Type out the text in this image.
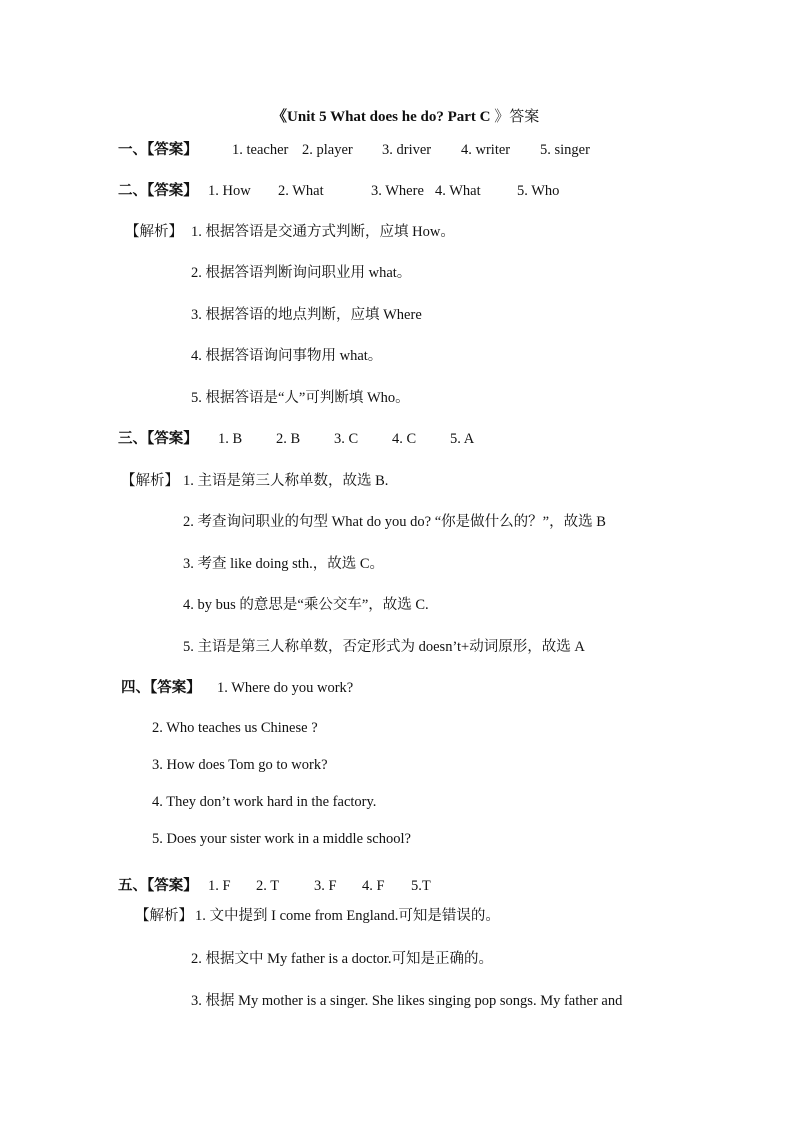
《Unit 5 What does he do? Part C 》答案
一、【答案】 1. teacher 2. player 3. driver 4. writer 5. singer
二、【答案】 1. How 2. What	3. Where 4. What	5. Who
【解析】 1. 根据答语是交通方式判断，应填 How。
2. 根据答语判断询问职业用 what。
3. 根据答语的地点判断，应填 Where
4. 根据答语询问事物用 what。
5. 根据答语是“人”可判断填 Who。
三、【答案】 1. B 2. B 3. C 4. C 5. A
【解析】 1. 主语是第三人称单数，故选 B.
2. 考查询问职业的句型 What do you do? “你是做什么的？”，故选 B
3. 考查 like doing sth.，故选 C。
4. by bus 的意思是“乘公交车”，故选 C.
5. 主语是第三人称单数，否定形式为 doesn’t+动词原形，故选 A
四、【答案】 1. Where do you work?
2. Who teaches us Chinese ?
3. How does Tom go to work?
4. They don’t work hard in the factory.
5. Does your sister work in a middle school?
五、【答案】 1. F 2. T 3. F 4. F 5.T
【解析】 1. 文中提到 I come from England.可知是错误的。
2. 根据文中 My father is a doctor.可知是正确的。
3. 根据 My mother is a singer. She likes singing pop songs. My father and
